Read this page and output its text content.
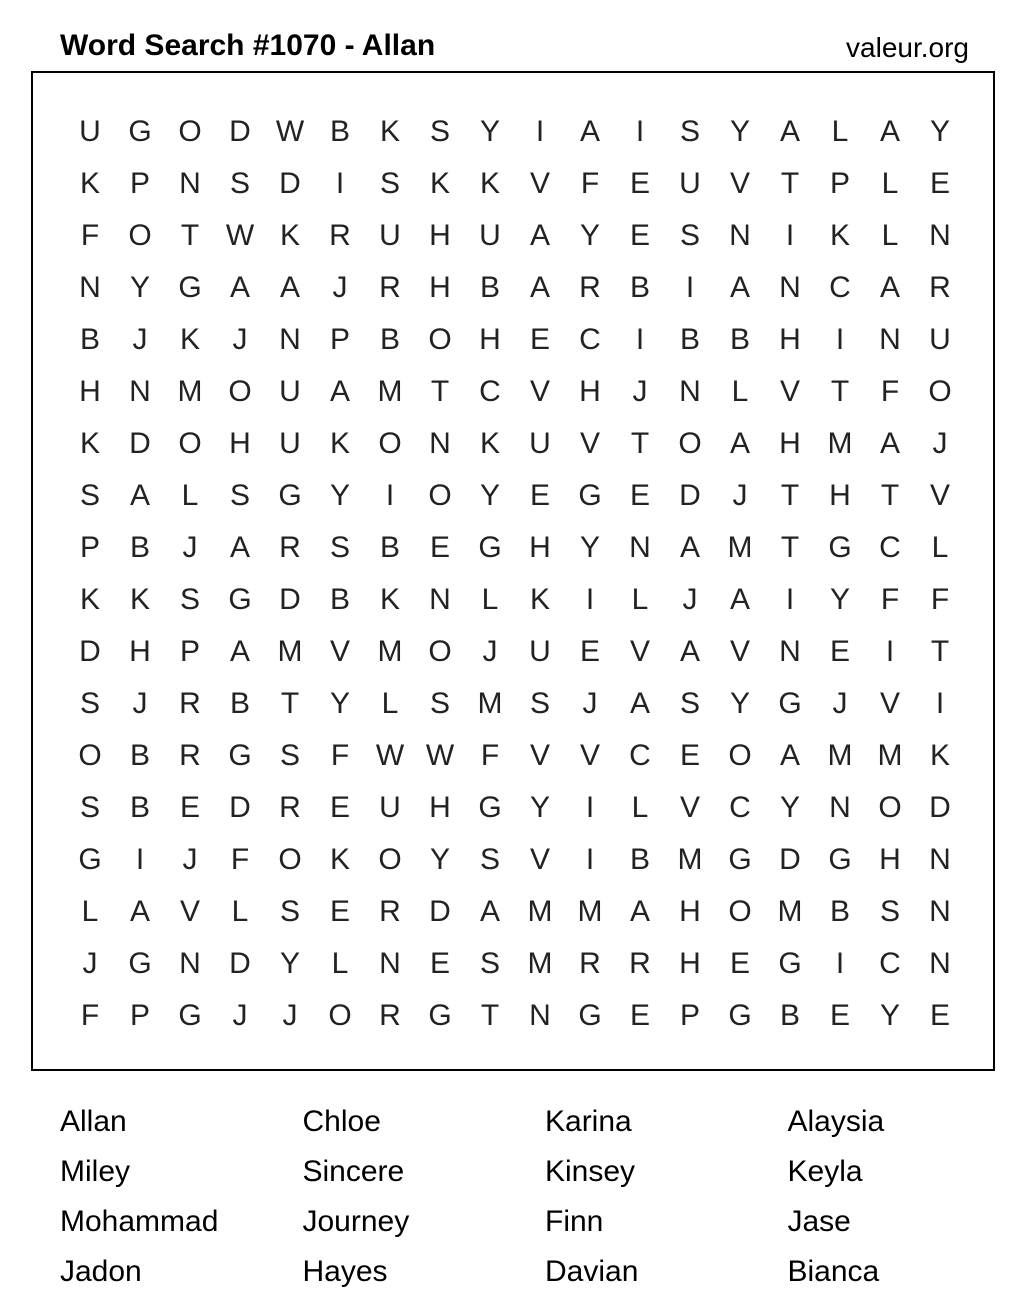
Word Search #1070 - Allan	valeur.org
U G O D W B K S Y	I	A	I	S Y A	L	A Y
K P N S D	I	S K K V	F	E U V	T	P	L	E
F O T W K R U H U A Y E S N	I	K	L	N
N Y G A A	J	R H B A R B	I	A N C A R
B	J	K	J	N P B O H E C	I	B B H	I	N U
H N M O U A M T	C V H	J	N	L	V	T	F O
K D O H U K O N K U V	T O A H M A	J
S A	L	S G Y	I	O Y E G E D	J	T	H	T	V
P B	J	A R S B E G H Y N A M T G C	L
K K S G D B K N	L	K	I	L	J	A	I	Y	F	F
D H P A M V M O	J	U E V A V N E	I	T
S	J	R B	T	Y	L	S M S	J	A S Y G	J	V	I
O B R G S	F W W F	V V C E O A M M K
S B E D R E U H G Y	I	L	V C Y N O D
G	I	J	F O K O Y S V	I	B M G D G H N
L	A V	L	S E R D A M M A H O M B S N
J	G N D Y	L	N E S M R R H E G	I	C N
F	P G	J	J	O R G T	N G E P G B E Y E
Allan	Chloe	Karina	Alaysia
Miley	Sincere	Kinsey	Keyla
Mohammad	Journey	Finn	Jase
Jadon	Hayes	Davian	Bianca
